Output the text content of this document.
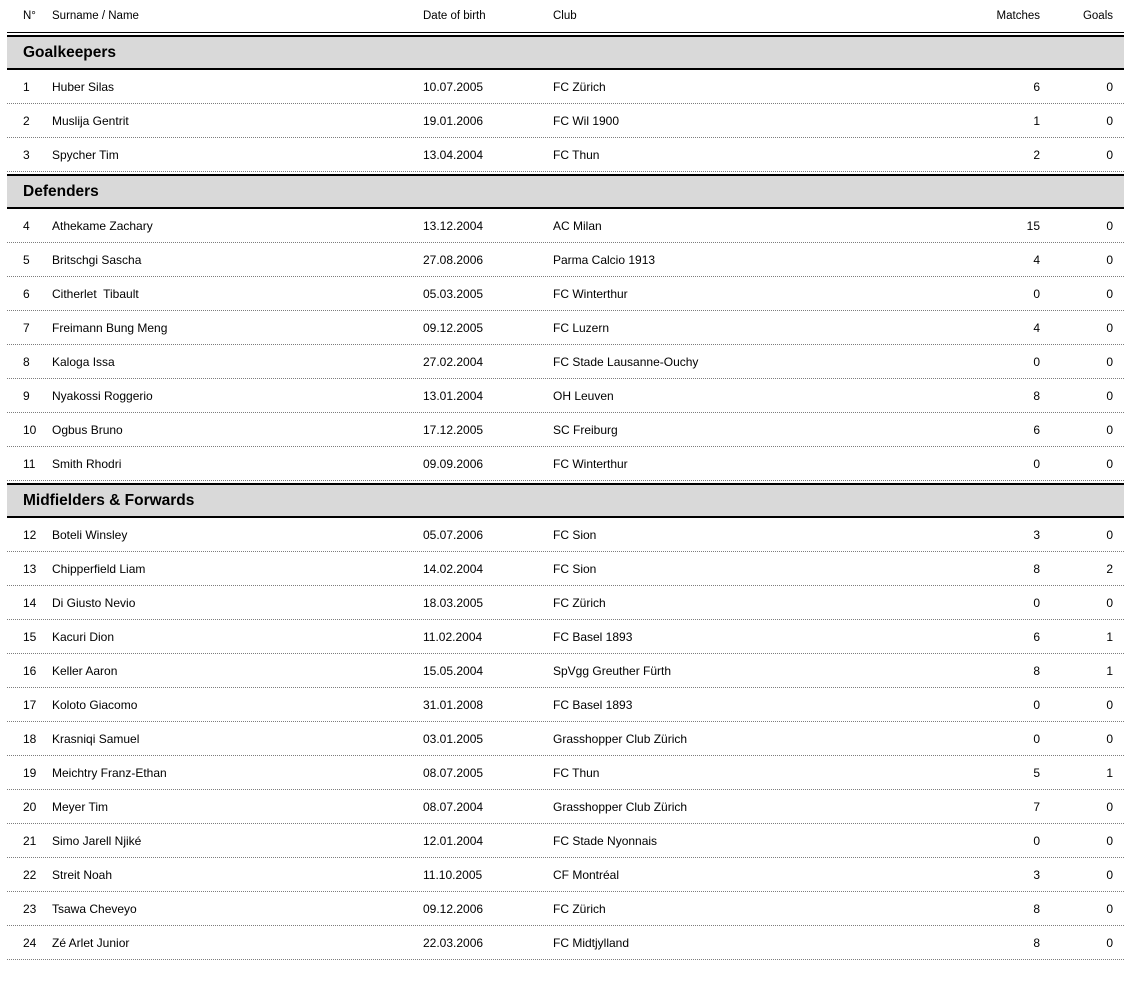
N°	Surname / Name	Date of birth	Club	Matches	Goals
Goalkeepers
1	Huber Silas	10.07.2005	FC Zürich	6	0
2	Muslija Gentrit	19.01.2006	FC Wil 1900	1	0
3	Spycher Tim	13.04.2004	FC Thun	2	0
Defenders
4	Athekame Zachary	13.12.2004	AC Milan	15	0
5	Britschgi Sascha	27.08.2006	Parma Calcio 1913	4	0
6	Citherlet  Tibault	05.03.2005	FC Winterthur	0	0
7	Freimann Bung Meng	09.12.2005	FC Luzern	4	0
8	Kaloga Issa	27.02.2004	FC Stade Lausanne-Ouchy	0	0
9	Nyakossi Roggerio	13.01.2004	OH Leuven	8	0
10	Ogbus Bruno	17.12.2005	SC Freiburg	6	0
11	Smith Rhodri	09.09.2006	FC Winterthur	0	0
Midfielders & Forwards
12	Boteli Winsley	05.07.2006	FC Sion	3	0
13	Chipperfield Liam	14.02.2004	FC Sion	8	2
14	Di Giusto Nevio	18.03.2005	FC Zürich	0	0
15	Kacuri Dion	11.02.2004	FC Basel 1893	6	1
16	Keller Aaron	15.05.2004	SpVgg Greuther Fürth	8	1
17	Koloto Giacomo	31.01.2008	FC Basel 1893	0	0
18	Krasniqi Samuel	03.01.2005	Grasshopper Club Zürich	0	0
19	Meichtry Franz-Ethan	08.07.2005	FC Thun	5	1
20	Meyer Tim	08.07.2004	Grasshopper Club Zürich	7	0
21	Simo Jarell Njiké	12.01.2004	FC Stade Nyonnais	0	0
22	Streit Noah	11.10.2005	CF Montréal	3	0
23	Tsawa Cheveyo	09.12.2006	FC Zürich	8	0
24	Zé Arlet Junior	22.03.2006	FC Midtjylland	8	0
